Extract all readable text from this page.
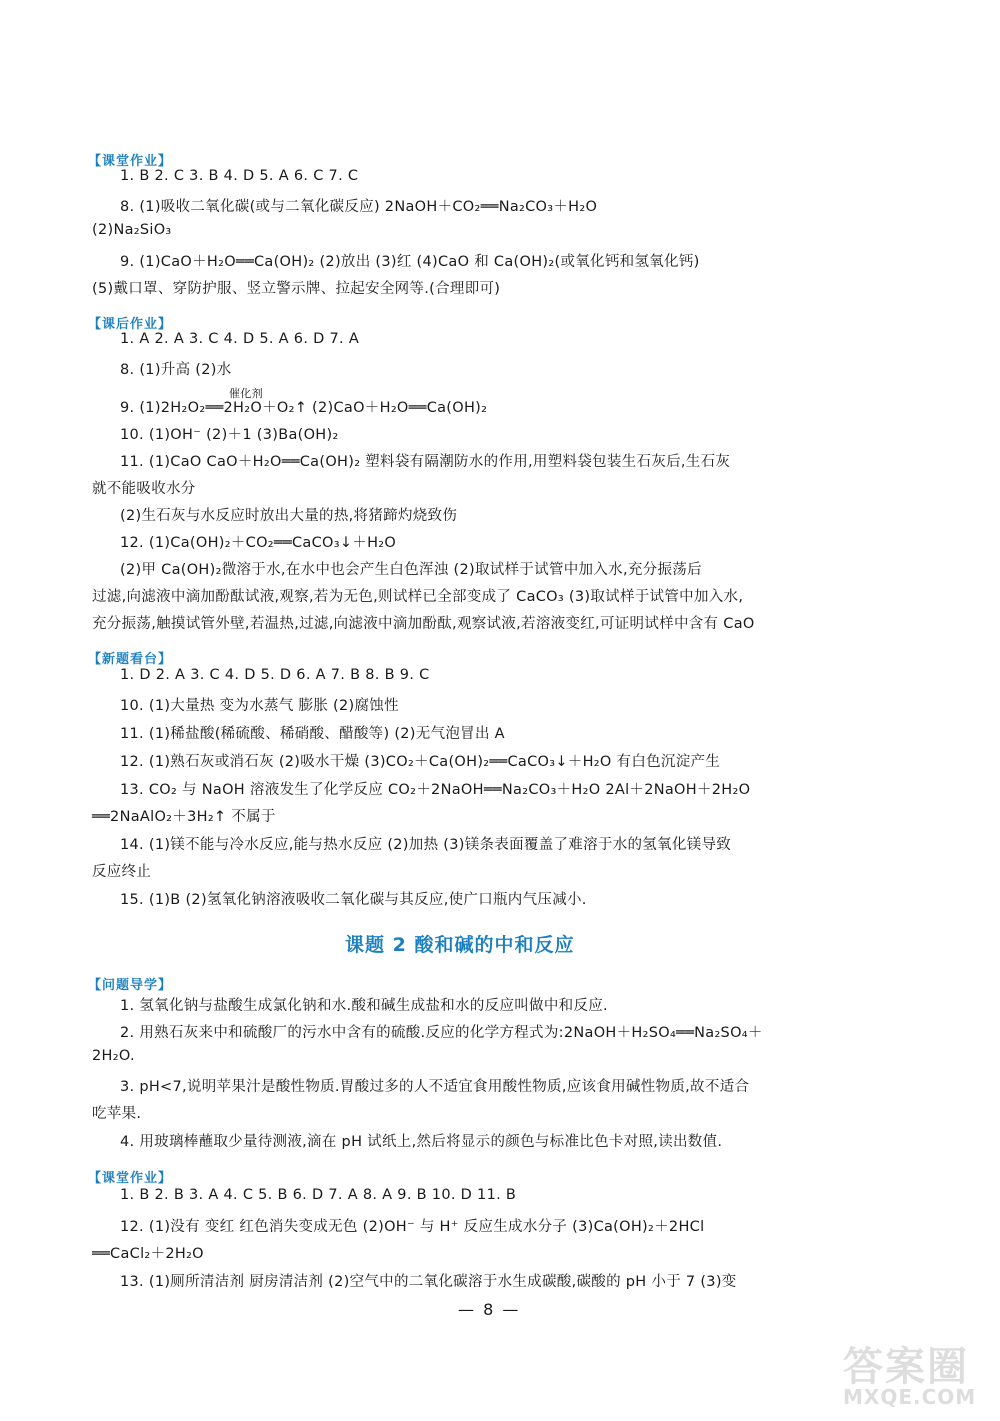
【课堂作业】
1. B 2. C 3. B 4. D 5. A 6. C 7. C
8. (1)吸收二氧化碳(或与二氧化碳反应) 2NaOH＋CO₂══Na₂CO₃＋H₂O
(2)Na₂SiO₃
9. (1)CaO＋H₂O══Ca(OH)₂ (2)放出 (3)红 (4)CaO 和 Ca(OH)₂(或氧化钙和氢氧化钙)
(5)戴口罩、穿防护服、竖立警示牌、拉起安全网等.(合理即可)
【课后作业】
1. A 2. A 3. C 4. D 5. A 6. D 7. A
8. (1)升高 (2)水
催化剂
9. (1)2H₂O₂══2H₂O＋O₂↑ (2)CaO＋H₂O══Ca(OH)₂
10. (1)OH⁻ (2)＋1 (3)Ba(OH)₂
11. (1)CaO CaO＋H₂O══Ca(OH)₂ 塑料袋有隔潮防水的作用,用塑料袋包装生石灰后,生石灰
就不能吸收水分
(2)生石灰与水反应时放出大量的热,将猪蹄灼烧致伤
12. (1)Ca(OH)₂＋CO₂══CaCO₃↓＋H₂O
(2)甲 Ca(OH)₂微溶于水,在水中也会产生白色浑浊 (2)取试样于试管中加入水,充分振荡后
过滤,向滤液中滴加酚酞试液,观察,若为无色,则试样已全部变成了 CaCO₃ (3)取试样于试管中加入水,
充分振荡,触摸试管外壁,若温热,过滤,向滤液中滴加酚酞,观察试液,若溶液变红,可证明试样中含有 CaO
【新题看台】
1. D 2. A 3. C 4. D 5. D 6. A 7. B 8. B 9. C
10. (1)大量热 变为水蒸气 膨胀 (2)腐蚀性
11. (1)稀盐酸(稀硫酸、稀硝酸、醋酸等) (2)无气泡冒出 A
12. (1)熟石灰或消石灰 (2)吸水干燥 (3)CO₂＋Ca(OH)₂══CaCO₃↓＋H₂O 有白色沉淀产生
13. CO₂ 与 NaOH 溶液发生了化学反应 CO₂＋2NaOH══Na₂CO₃＋H₂O 2Al＋2NaOH＋2H₂O
══2NaAlO₂＋3H₂↑ 不属于
14. (1)镁不能与冷水反应,能与热水反应 (2)加热 (3)镁条表面覆盖了难溶于水的氢氧化镁导致
反应终止
15. (1)B (2)氢氧化钠溶液吸收二氧化碳与其反应,使广口瓶内气压减小.
课题 2 酸和碱的中和反应
【问题导学】
1. 氢氧化钠与盐酸生成氯化钠和水.酸和碱生成盐和水的反应叫做中和反应.
2. 用熟石灰来中和硫酸厂的污水中含有的硫酸.反应的化学方程式为:2NaOH＋H₂SO₄══Na₂SO₄＋
2H₂O.
3. pH<7,说明苹果汁是酸性物质.胃酸过多的人不适宜食用酸性物质,应该食用碱性物质,故不适合
吃苹果.
4. 用玻璃棒蘸取少量待测液,滴在 pH 试纸上,然后将显示的颜色与标准比色卡对照,读出数值.
【课堂作业】
1. B 2. B 3. A 4. C 5. B 6. D 7. A 8. A 9. B 10. D 11. B
12. (1)没有 变红 红色消失变成无色 (2)OH⁻ 与 H⁺ 反应生成水分子 (3)Ca(OH)₂＋2HCl
══CaCl₂＋2H₂O
13. (1)厕所清洁剂 厨房清洁剂 (2)空气中的二氧化碳溶于水生成碳酸,碳酸的 pH 小于 7 (3)变
— 8 —
答案圈
MXQE.COM
